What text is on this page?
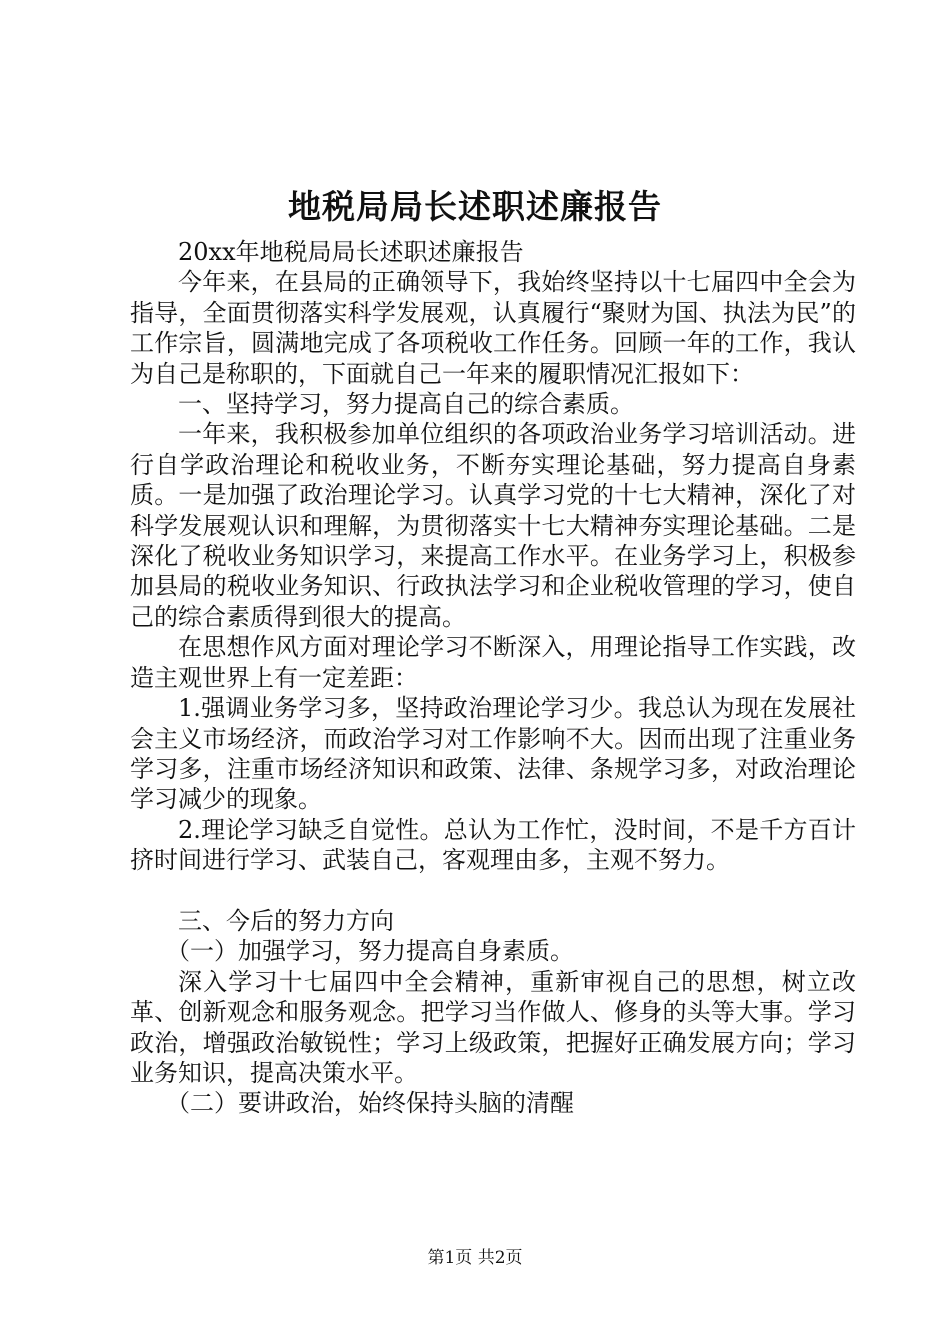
地税局局长述职述廉报告

20xx年地税局局长述职述廉报告

今年来，在县局的正确领导下，我始终坚持以十七届四中全会为指导，全面贯彻落实科学发展观，认真履行“聚财为国、执法为民”的工作宗旨，圆满地完成了各项税收工作任务。回顾一年的工作，我认为自己是称职的，下面就自己一年来的履职情况汇报如下：

一、坚持学习，努力提高自己的综合素质。

一年来，我积极参加单位组织的各项政治业务学习培训活动。进行自学政治理论和税收业务，不断夯实理论基础，努力提高自身素质。一是加强了政治理论学习。认真学习党的十七大精神，深化了对科学发展观认识和理解，为贯彻落实十七大精神夯实理论基础。二是深化了税收业务知识学习，来提高工作水平。在业务学习上，积极参加县局的税收业务知识、行政执法学习和企业税收管理的学习，使自己的综合素质得到很大的提高。

在思想作风方面对理论学习不断深入，用理论指导工作实践，改造主观世界上有一定差距：

1.强调业务学习多，坚持政治理论学习少。我总认为现在发展社会主义市场经济，而政治学习对工作影响不大。因而出现了注重业务学习多，注重市场经济知识和政策、法律、条规学习多，对政治理论学习减少的现象。

2.理论学习缺乏自觉性。总认为工作忙，没时间，不是千方百计挤时间进行学习、武装自己，客观理由多，主观不努力。

三、今后的努力方向

（一）加强学习，努力提高自身素质。

深入学习十七届四中全会精神，重新审视自己的思想，树立改革、创新观念和服务观念。把学习当作做人、修身的头等大事。学习政治，增强政治敏锐性；学习上级政策，把握好正确发展方向；学习业务知识，提高决策水平。

（二）要讲政治，始终保持头脑的清醒

第1页 共2页
